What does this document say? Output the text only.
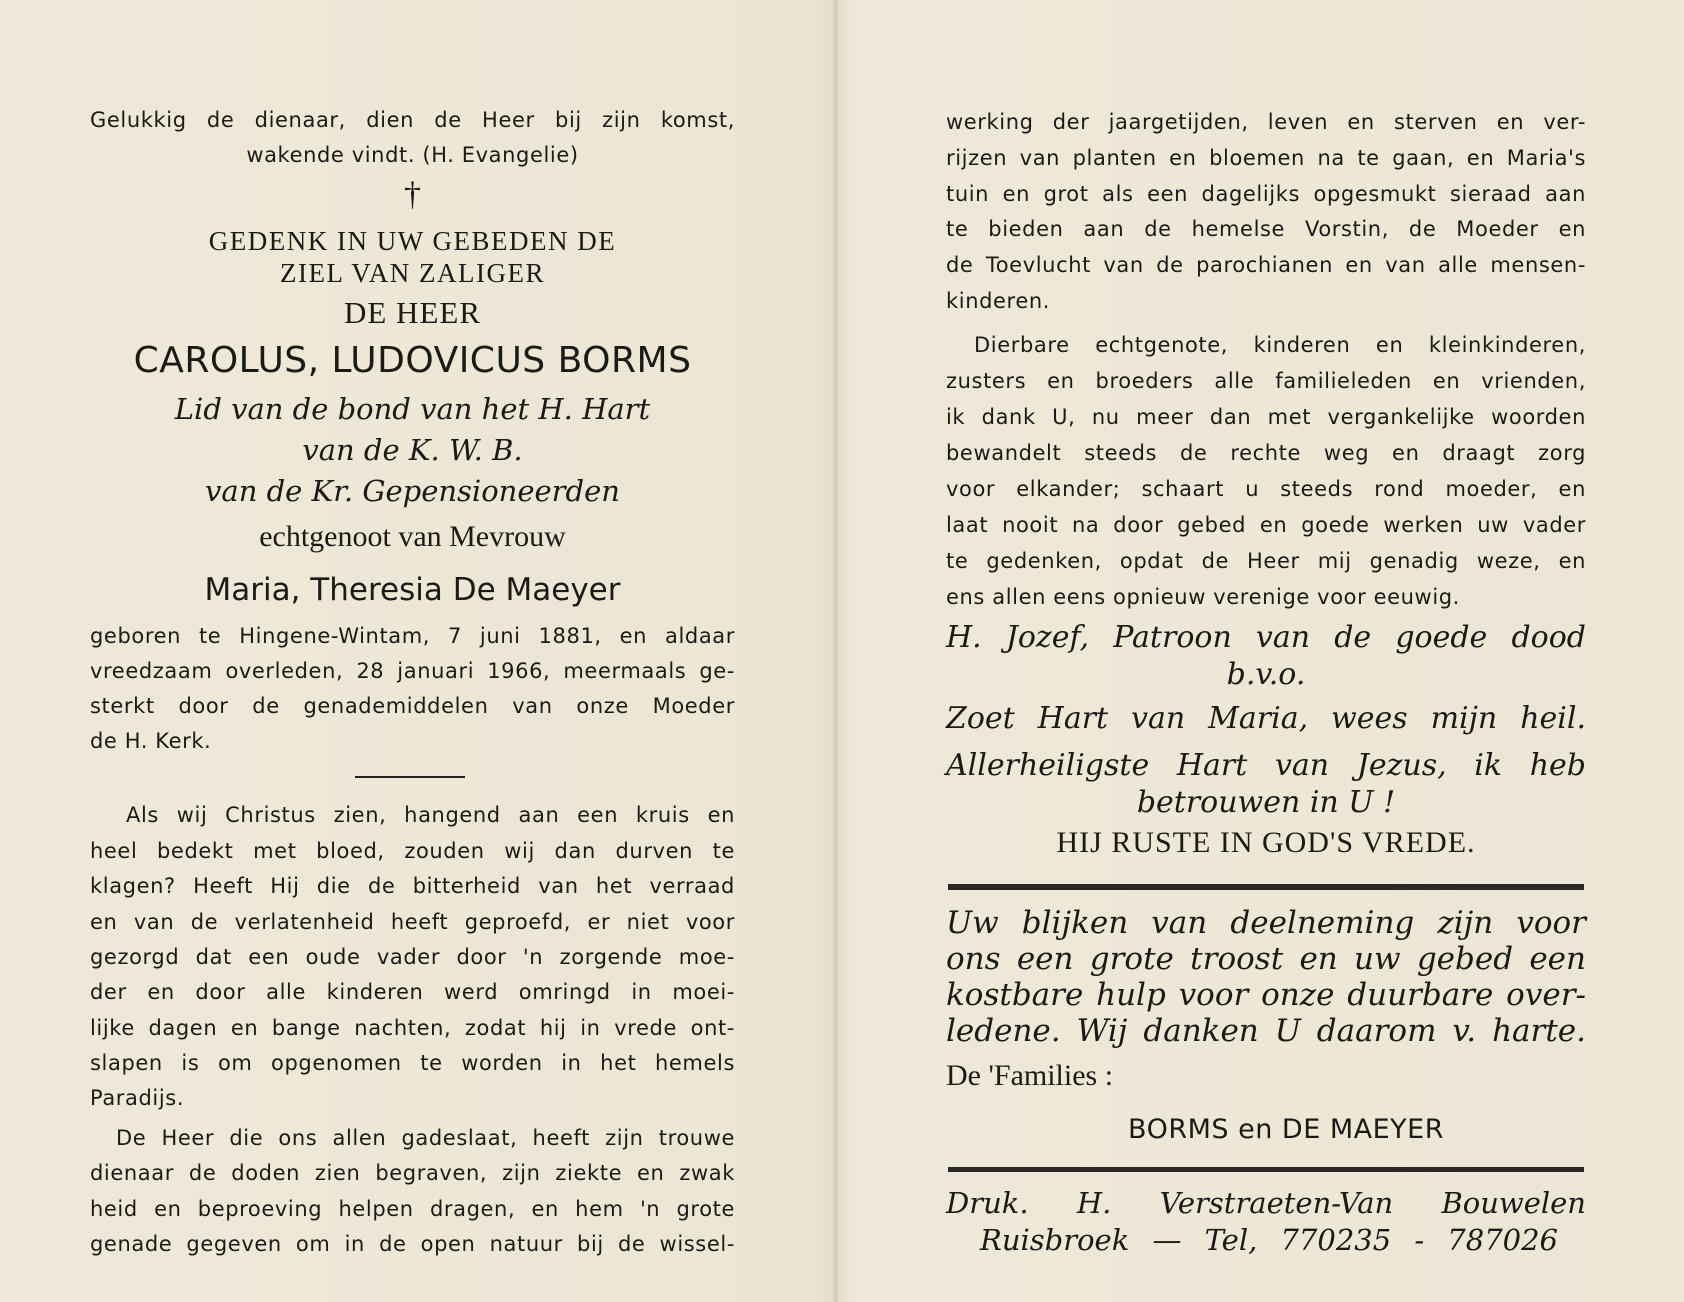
Gelukkig de dienaar, dien de Heer bij zijn komst,
wakende vindt. (H. Evangelie)
†
GEDENK IN UW GEBEDEN DE
ZIEL VAN ZALIGER
DE HEER
CAROLUS, LUDOVICUS BORMS
Lid van de bond van het H. Hart
van de K. W. B.
van de Kr. Gepensioneerden
echtgenoot van Mevrouw
Maria, Theresia De Maeyer
geboren te Hingene-Wintam, 7 juni 1881, en aldaar
vreedzaam overleden, 28 januari 1966, meermaals ge-
sterkt door de genademiddelen van onze Moeder
de H. Kerk.
Als wij Christus zien, hangend aan een kruis en
heel bedekt met bloed, zouden wij dan durven te
klagen? Heeft Hij die de bitterheid van het verraad
en van de verlatenheid heeft geproefd, er niet voor
gezorgd dat een oude vader door 'n zorgende moe-
der en door alle kinderen werd omringd in moei-
lijke dagen en bange nachten, zodat hij in vrede ont-
slapen is om opgenomen te worden in het hemels
Paradijs.
De Heer die ons allen gadeslaat, heeft zijn trouwe
dienaar de doden zien begraven, zijn ziekte en zwak
heid en beproeving helpen dragen, en hem 'n grote
genade gegeven om in de open natuur bij de wissel-
werking der jaargetijden, leven en sterven en ver-
rijzen van planten en bloemen na te gaan, en Maria's
tuin en grot als een dagelijks opgesmukt sieraad aan
te bieden aan de hemelse Vorstin, de Moeder en
de Toevlucht van de parochianen en van alle mensen-
kinderen.
Dierbare echtgenote, kinderen en kleinkinderen,
zusters en broeders alle familieleden en vrienden,
ik dank U, nu meer dan met vergankelijke woorden
bewandelt steeds de rechte weg en draagt zorg
voor elkander; schaart u steeds rond moeder, en
laat nooit na door gebed en goede werken uw vader
te gedenken, opdat de Heer mij genadig weze, en
ens allen eens opnieuw verenige voor eeuwig.
H. Jozef, Patroon van de goede dood
b.v.o.
Zoet Hart van Maria, wees mijn heil.
Allerheiligste Hart van Jezus, ik heb
betrouwen in U !
HIJ RUSTE IN GOD'S VREDE.
Uw blijken van deelneming zijn voor
ons een grote troost en uw gebed een
kostbare hulp voor onze duurbare over-
ledene. Wij danken U daarom v. harte.
De 'Families :
BORMS en DE MAEYER
Druk. H. Verstraeten-Van Bouwelen
Ruisbroek — Tel, 770235 - 787026
